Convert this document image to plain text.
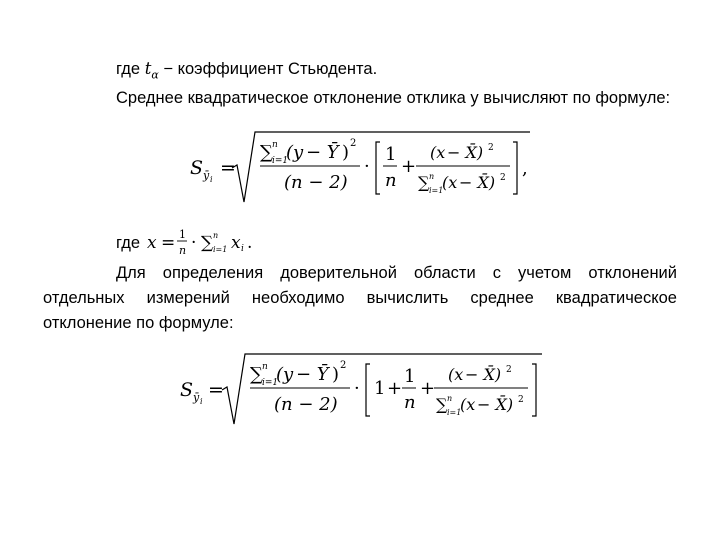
где $t_\alpha$ − коэффициент Стьюдента.
Среднее квадратическое отклонение отклика y вычисляют по формуле:
S ȳ i
=
∑ n
i=1
(y − Ȳ ) 2
(n − 2)
·
1
n
+
(x − X̄) 2
∑ n
i=1
(x − X̄) 2 ,
где x = 1
n · ∑ n
i=1 x i .
Для определения доверительной области с учетом отклонений
отдельных измерений необходимо вычислить среднее квадратическое
отклонение по формуле:
S ȳ i
=
∑ n
i=1
(y − Ȳ ) 2
(n − 2)
· 1 +
1
n
+
(x − X̄) 2
∑ n
i=1
(x − X̄) 2
